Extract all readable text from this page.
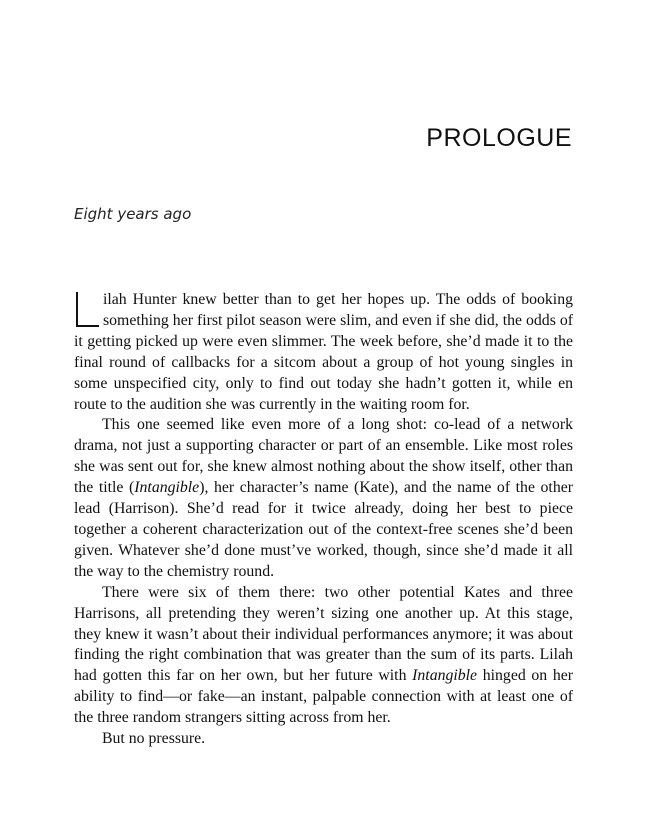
PROLOGUE
Eight years ago

ilah Hunter knew better than to get her hopes up. The odds of booking something her first pilot season were slim, and even if she did, the odds of it getting picked up were even slimmer. The week before, she’d made it to the final round of callbacks for a sitcom about a group of hot young singles in some unspecified city, only to find out today she hadn’t gotten it, while en route to the audition she was currently in the waiting room for.

This one seemed like even more of a long shot: co-lead of a network drama, not just a supporting character or part of an ensemble. Like most roles she was sent out for, she knew almost nothing about the show itself, other than the title (Intangible), her character’s name (Kate), and the name of the other lead (Harrison). She’d read for it twice already, doing her best to piece together a coherent characterization out of the context-free scenes she’d been given. Whatever she’d done must’ve worked, though, since she’d made it all the way to the chemistry round.

There were six of them there: two other potential Kates and three Harrisons, all pretending they weren’t sizing one another up. At this stage, they knew it wasn’t about their individual performances anymore; it was about finding the right combination that was greater than the sum of its parts. Lilah had gotten this far on her own, but her future with Intangible hinged on her ability to find—or fake—an instant, palpable connection with at least one of the three random strangers sitting across from her.

But no pressure.
